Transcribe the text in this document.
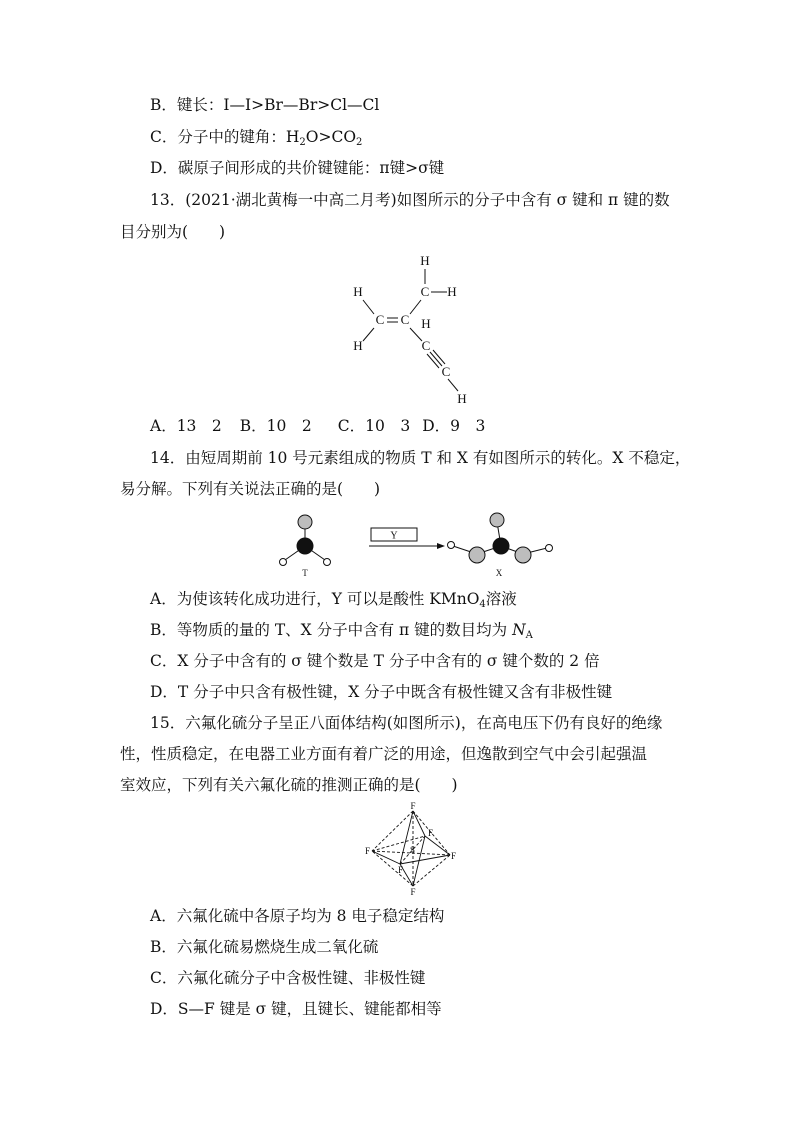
B．键长：I—I>Br—Br>Cl—Cl
C．分子中的键角：$H_2O>CO_2$
D．碳原子间形成的共价键键能：π键>σ键
13．(2021·湖北黄梅一中高二月考)如图所示的分子中含有 σ 键和 π 键的数
目分别为(　　)
H
H	C H
C C H
H	C
C
H
A．13　2 B．10　2 C．10　3 D．9　3
14．由短周期前 10 号元素组成的物质 T 和 X 有如图所示的转化。X 不稳定，
易分解。下列有关说法正确的是(　　)
T
Y
X
A．为使该转化成功进行，Y 可以是酸性 KMnO$_4$溶液
B．等物质的量的 T、X 分子中含有 π 键的数目均为 $N_A$
C．X 分子中含有的 σ 键个数是 T 分子中含有的 σ 键个数的 2 倍
D．T 分子中只含有极性键，X 分子中既含有极性键又含有非极性键
15．六氟化硫分子呈正八面体结构(如图所示)，在高电压下仍有良好的绝缘
性，性质稳定，在电器工业方面有着广泛的用途，但逸散到空气中会引起强温
室效应，下列有关六氟化硫的推测正确的是(　　)
F
F
F	S
F
F
F
A．六氟化硫中各原子均为 8 电子稳定结构
B．六氟化硫易燃烧生成二氧化硫
C．六氟化硫分子中含极性键、非极性键
D．S—F 键是 σ 键，且键长、键能都相等
